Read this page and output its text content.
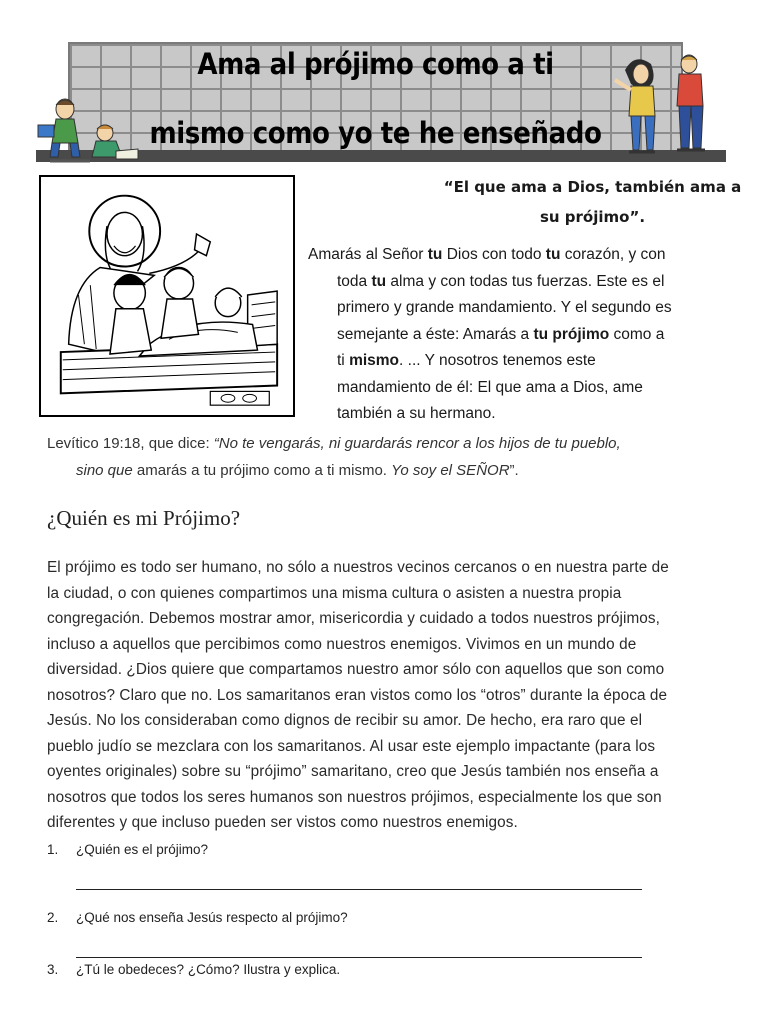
Ama al prójimo como a ti
mismo como yo te he enseñado
“El que ama a Dios, también ama a
su prójimo”.
Amarás al Señor tu Dios con todo tu corazón, y con
toda tu alma y con todas tus fuerzas. Este es el
primero y grande mandamiento. Y el segundo es
semejante a éste: Amarás a tu prójimo como a
ti mismo. ... Y nosotros tenemos este
mandamiento de él: El que ama a Dios, ame
también a su hermano.
Levítico 19:18, que dice: “No te vengarás, ni guardarás rencor a los hijos de tu pueblo,
sino que amarás a tu prójimo como a ti mismo. Yo soy el SEÑOR”.
¿Quién es mi Prójimo?
El prójimo es todo ser humano, no sólo a nuestros vecinos cercanos o en nuestra parte de
la ciudad, o con quienes compartimos una misma cultura o asisten a nuestra propia
congregación. Debemos mostrar amor, misericordia y cuidado a todos nuestros prójimos,
incluso a aquellos que percibimos como nuestros enemigos. Vivimos en un mundo de
diversidad. ¿Dios quiere que compartamos nuestro amor sólo con aquellos que son como
nosotros? Claro que no. Los samaritanos eran vistos como los “otros” durante la época de
Jesús. No los consideraban como dignos de recibir su amor. De hecho, era raro que el
pueblo judío se mezclara con los samaritanos. Al usar este ejemplo impactante (para los
oyentes originales) sobre su “prójimo” samaritano, creo que Jesús también nos enseña a
nosotros que todos los seres humanos son nuestros prójimos, especialmente los que son
diferentes y que incluso pueden ser vistos como nuestros enemigos.
1. ¿Quién es el prójimo?
2. ¿Qué nos enseña Jesús respecto al prójimo?
3. ¿Tú le obedeces? ¿Cómo? Ilustra y explica.
